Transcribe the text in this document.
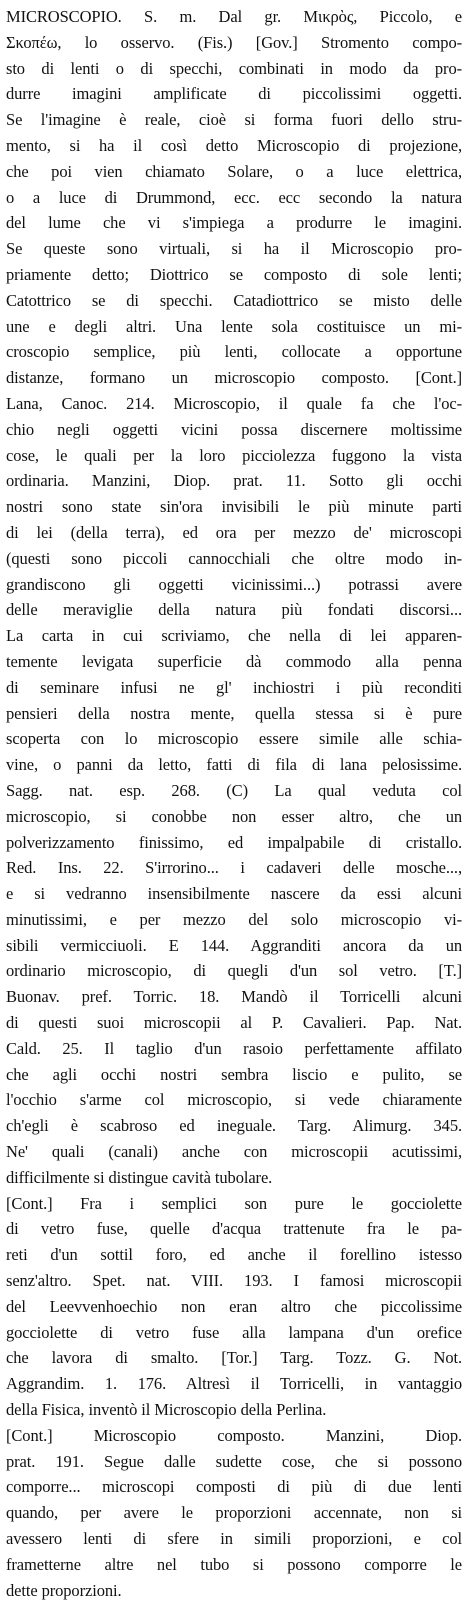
MICROSCOPIO. S. m. Dal gr. Μικρὸς, Piccolo, e
Σκοπέω, lo osservo. (Fis.) [Gov.] Stromento compo-
sto di lenti o di specchi, combinati in modo da pro-
durre imagini amplificate di piccolissimi oggetti.
Se l'imagine è reale, cioè si forma fuori dello stru-
mento, si ha il così detto Microscopio di projezione,
che poi vien chiamato Solare, o a luce elettrica,
o a luce di Drummond, ecc. ecc secondo la natura
del lume che vi s'impiega a produrre le imagini.
Se queste sono virtuali, si ha il Microscopio pro-
priamente detto; Diottrico se composto di sole lenti;
Catottrico se di specchi. Catadiottrico se misto delle
une e degli altri. Una lente sola costituisce un mi-
croscopio semplice, più lenti, collocate a opportune
distanze, formano un microscopio composto. [Cont.]
Lana, Canoc. 214. Microscopio, il quale fa che l'oc-
chio negli oggetti vicini possa discernere moltissime
cose, le quali per la loro picciolezza fuggono la vista
ordinaria. Manzini, Diop. prat. 11. Sotto gli occhi
nostri sono state sin'ora invisibili le più minute parti
di lei (della terra), ed ora per mezzo de' microscopi
(questi sono piccoli cannocchiali che oltre modo in-
grandiscono gli oggetti vicinissimi...) potrassi avere
delle meraviglie della natura più fondati discorsi...
La carta in cui scriviamo, che nella di lei apparen-
temente levigata superficie dà commodo alla penna
di seminare infusi ne gl' inchiostri i più reconditi
pensieri della nostra mente, quella stessa si è pure
scoperta con lo microscopio essere simile alle schia-
vine, o panni da letto, fatti di fila di lana pelosissime.
Sagg. nat. esp. 268. (C) La qual veduta col
microscopio, si conobbe non esser altro, che un
polverizzamento finissimo, ed impalpabile di cristallo.
Red. Ins. 22. S'irrorino... i cadaveri delle mosche...,
e si vedranno insensibilmente nascere da essi alcuni
minutissimi, e per mezzo del solo microscopio vi-
sibili vermicciuoli. E 144. Aggranditi ancora da un
ordinario microscopio, di quegli d'un sol vetro. [T.]
Buonav. pref. Torric. 18. Mandò il Torricelli alcuni
di questi suoi microscopii al P. Cavalieri. Pap. Nat.
Cald. 25. Il taglio d'un rasoio perfettamente affilato
che agli occhi nostri sembra liscio e pulito, se
l'occhio s'arme col microscopio, si vede chiaramente
ch'egli è scabroso ed ineguale. Targ. Alimurg. 345.
Ne' quali (canali) anche con microscopii acutissimi,
difficilmente si distingue cavità tubolare.
[Cont.] Fra i semplici son pure le gocciolette
di vetro fuse, quelle d'acqua trattenute fra le pa-
reti d'un sottil foro, ed anche il forellino istesso
senz'altro. Spet. nat. VIII. 193. I famosi microscopii
del Leevvenhoechio non eran altro che piccolissime
gocciolette di vetro fuse alla lampana d'un orefice
che lavora di smalto. [Tor.] Targ. Tozz. G. Not.
Aggrandim. 1. 176. Altresì il Torricelli, in vantaggio
della Fisica, inventò il Microscopio della Perlina.
[Cont.] Microscopio composto. Manzini, Diop.
prat. 191. Segue dalle sudette cose, che si possono
comporre... microscopi composti di più di due lenti
quando, per avere le proporzioni accennate, non si
avessero lenti di sfere in simili proporzioni, e col
frametterne altre nel tubo si possono comporre le
dette proporzioni.
